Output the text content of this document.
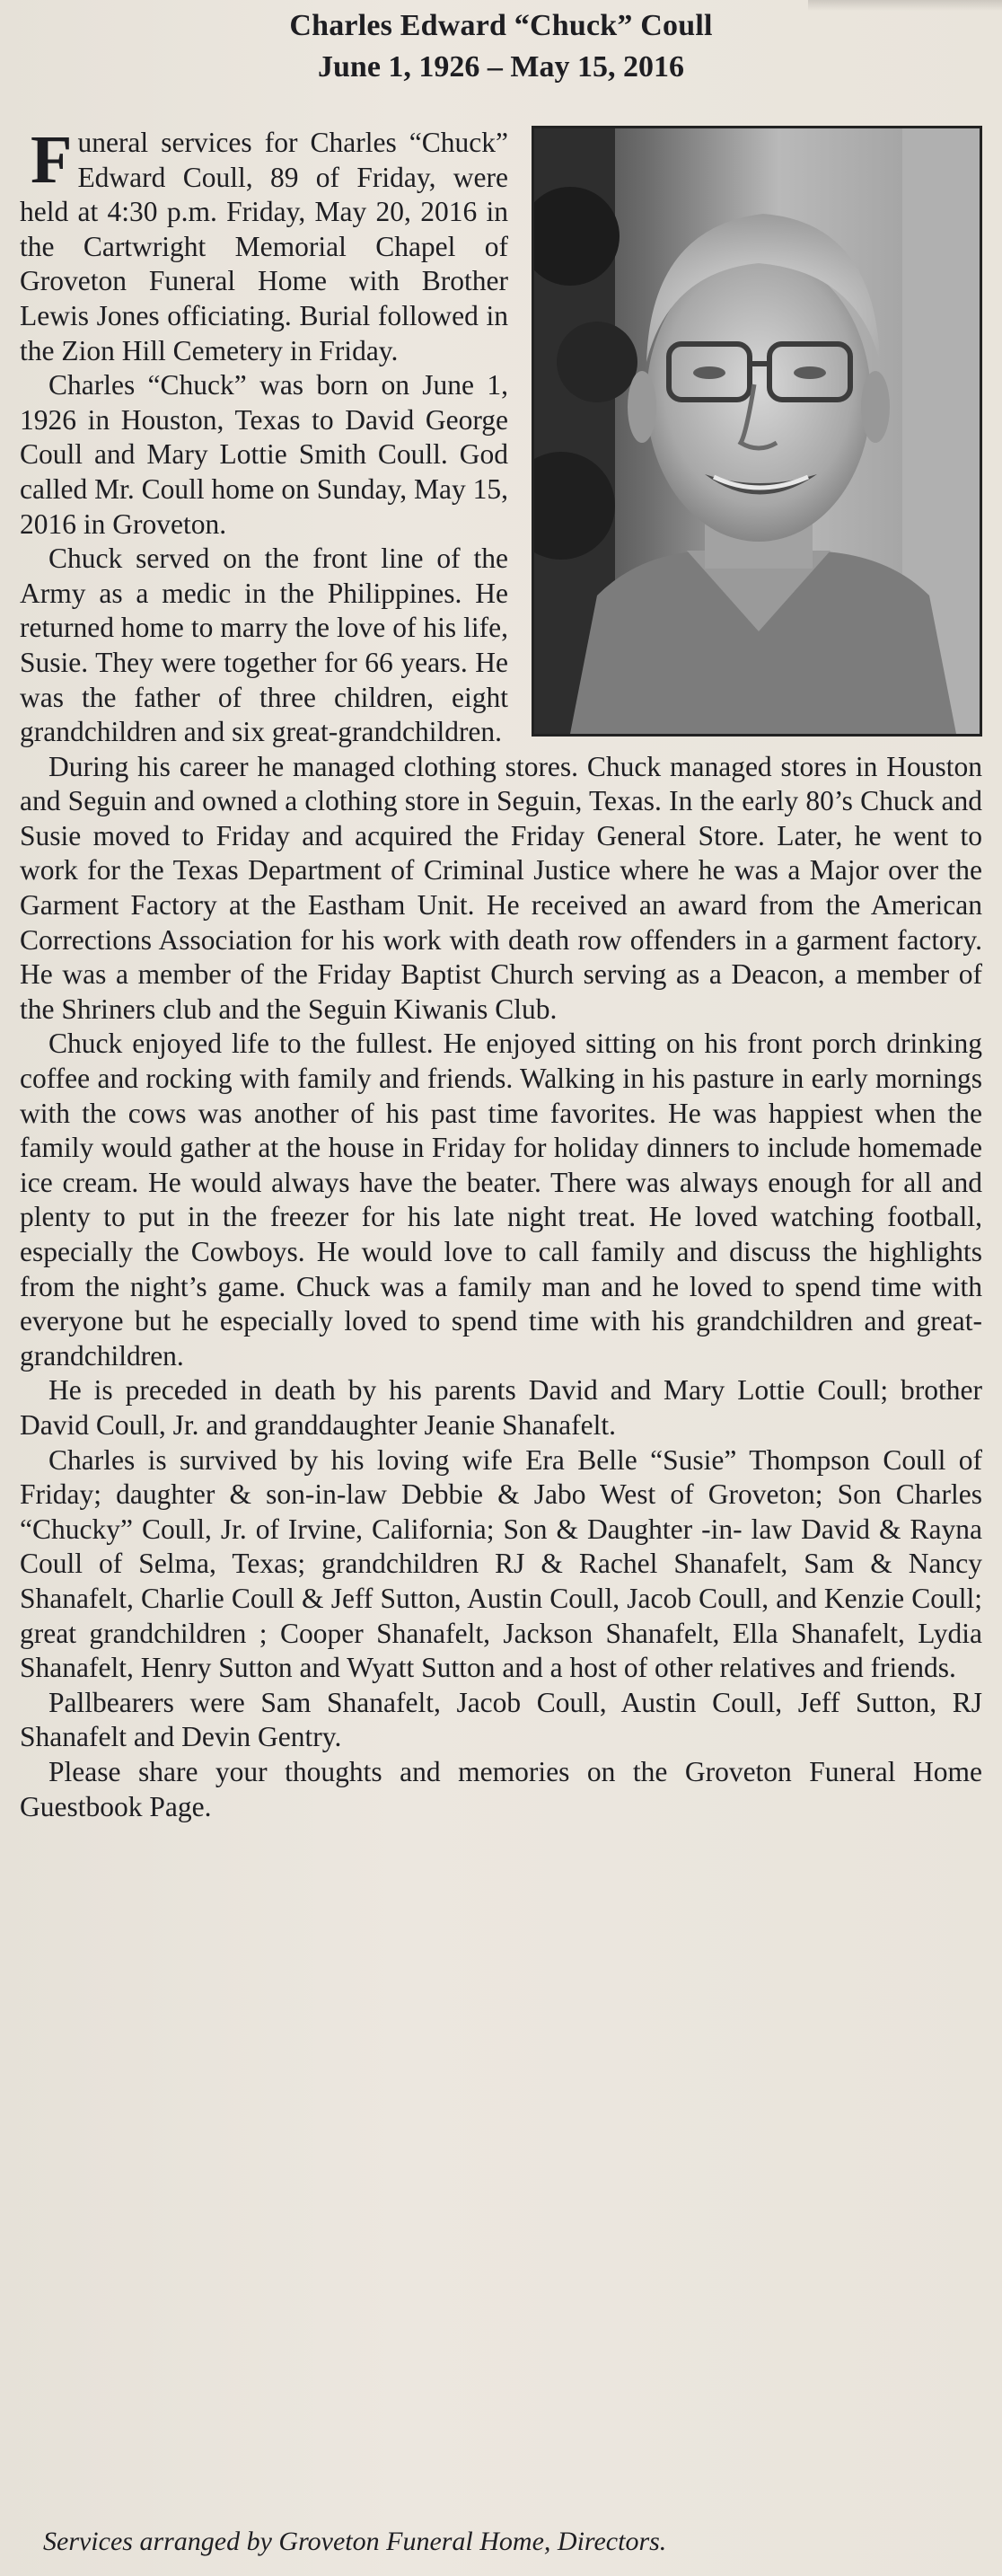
Charles Edward “Chuck” Coull
June 1, 1926 – May 15, 2016

Funeral services for Charles “Chuck” Edward Coull, 89 of Friday, were held at 4:30 p.m. Friday, May 20, 2016 in the Cartwright Memorial Chapel of Groveton Funeral Home with Brother Lewis Jones officiating. Burial followed in the Zion Hill Cemetery in Friday.

Charles “Chuck” was born on June 1, 1926 in Houston, Texas to David George Coull and Mary Lottie Smith Coull. God called Mr. Coull home on Sunday, May 15, 2016 in Groveton.

Chuck served on the front line of the Army as a medic in the Philippines. He returned home to marry the love of his life, Susie. They were together for 66 years. He was the father of three children, eight grandchildren and six great-grandchildren.

During his career he managed clothing stores. Chuck managed stores in Houston and Seguin and owned a clothing store in Seguin, Texas. In the early 80’s Chuck and Susie moved to Friday and acquired the Friday General Store. Later, he went to work for the Texas Department of Criminal Justice where he was a Major over the Garment Factory at the Eastham Unit. He received an award from the American Corrections Association for his work with death row offenders in a garment factory. He was a member of the Friday Baptist Church serving as a Deacon, a member of the Shriners club and the Seguin Kiwanis Club.

Chuck enjoyed life to the fullest. He enjoyed sitting on his front porch drinking coffee and rocking with family and friends. Walking in his pasture in early mornings with the cows was another of his past time favorites. He was happiest when the family would gather at the house in Friday for holiday dinners to include homemade ice cream. He would always have the beater. There was always enough for all and plenty to put in the freezer for his late night treat. He loved watching football, especially the Cowboys. He would love to call family and discuss the highlights from the night’s game. Chuck was a family man and he loved to spend time with everyone but he especially loved to spend time with his grandchildren and great-grandchildren.

He is preceded in death by his parents David and Mary Lottie Coull; brother David Coull, Jr. and granddaughter Jeanie Shanafelt.

Charles is survived by his loving wife Era Belle “Susie” Thompson Coull of Friday; daughter & son-in-law Debbie & Jabo West of Groveton; Son Charles “Chucky” Coull, Jr. of Irvine, California; Son & Daughter -in- law David & Rayna Coull of Selma, Texas; grandchildren RJ & Rachel Shanafelt, Sam & Nancy Shanafelt, Charlie Coull & Jeff Sutton, Austin Coull, Jacob Coull, and Kenzie Coull; great grandchildren ; Cooper Shanafelt, Jackson Shanafelt, Ella Shanafelt, Lydia Shanafelt, Henry Sutton and Wyatt Sutton and a host of other relatives and friends.

Pallbearers were Sam Shanafelt, Jacob Coull, Austin Coull, Jeff Sutton, RJ Shanafelt and Devin Gentry.

Please share your thoughts and memories on the Groveton Funeral Home Guestbook Page.

Services arranged by Groveton Funeral Home, Directors.
